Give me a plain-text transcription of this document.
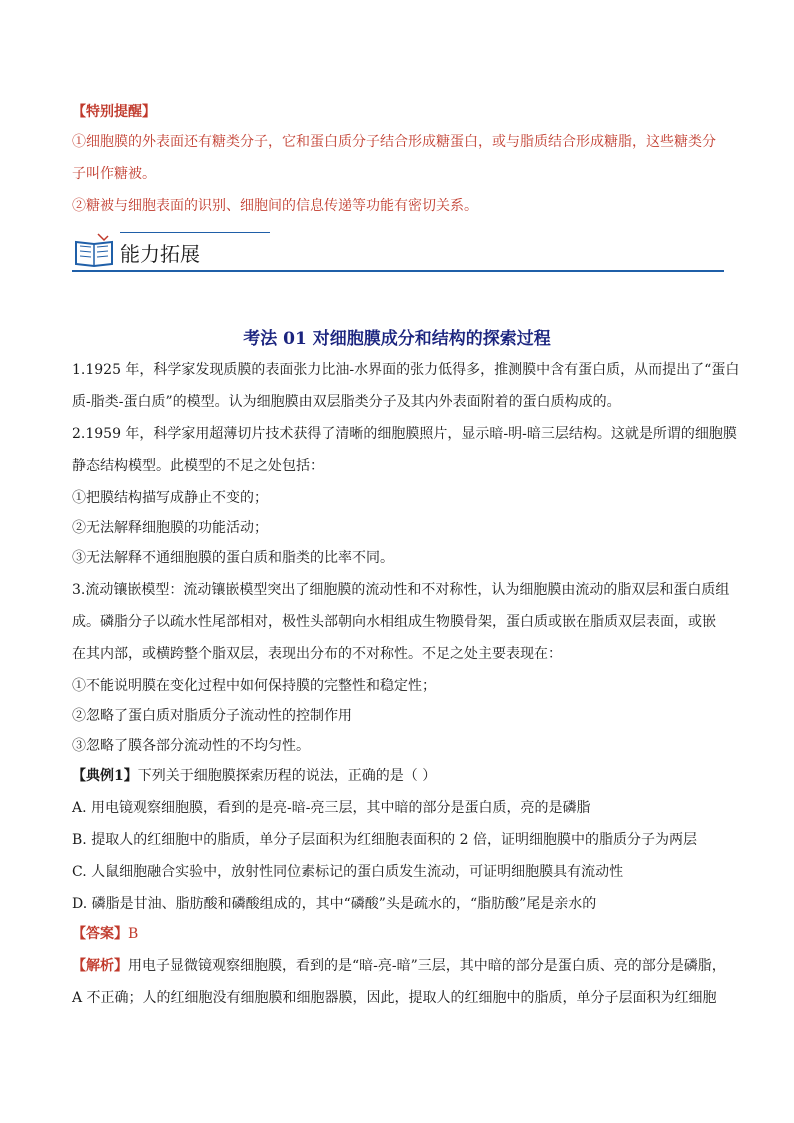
【特别提醒】
①细胞膜的外表面还有糖类分子，它和蛋白质分子结合形成糖蛋白，或与脂质结合形成糖脂，这些糖类分
子叫作糖被。
②糖被与细胞表面的识别、细胞间的信息传递等功能有密切关系。
能力拓展
考法 01 对细胞膜成分和结构的探索过程
1.1925 年，科学家发现质膜的表面张力比油-水界面的张力低得多，推测膜中含有蛋白质，从而提出了“蛋白
质-脂类-蛋白质”的模型。认为细胞膜由双层脂类分子及其内外表面附着的蛋白质构成的。
2.1959 年，科学家用超薄切片技术获得了清晰的细胞膜照片，显示暗-明-暗三层结构。这就是所谓的细胞膜
静态结构模型。此模型的不足之处包括：
①把膜结构描写成静止不变的；
②无法解释细胞膜的功能活动；
③无法解释不通细胞膜的蛋白质和脂类的比率不同。
3.流动镶嵌模型：流动镶嵌模型突出了细胞膜的流动性和不对称性，认为细胞膜由流动的脂双层和蛋白质组
成。磷脂分子以疏水性尾部相对，极性头部朝向水相组成生物膜骨架，蛋白质或嵌在脂质双层表面，或嵌
在其内部，或横跨整个脂双层，表现出分布的不对称性。不足之处主要表现在：
①不能说明膜在变化过程中如何保持膜的完整性和稳定性；
②忽略了蛋白质对脂质分子流动性的控制作用
③忽略了膜各部分流动性的不均匀性。
【典例1】下列关于细胞膜探索历程的说法，正确的是（ ）
A. 用电镜观察细胞膜，看到的是亮-暗-亮三层，其中暗的部分是蛋白质，亮的是磷脂
B. 提取人的红细胞中的脂质，单分子层面积为红细胞表面积的 2 倍，证明细胞膜中的脂质分子为两层
C. 人鼠细胞融合实验中，放射性同位素标记的蛋白质发生流动，可证明细胞膜具有流动性
D. 磷脂是甘油、脂肪酸和磷酸组成的，其中“磷酸”头是疏水的，“脂肪酸”尾是亲水的
【答案】B
【解析】用电子显微镜观察细胞膜，看到的是“暗-亮-暗”三层，其中暗的部分是蛋白质、亮的部分是磷脂，
A 不正确；人的红细胞没有细胞膜和细胞器膜，因此，提取人的红细胞中的脂质，单分子层面积为红细胞
